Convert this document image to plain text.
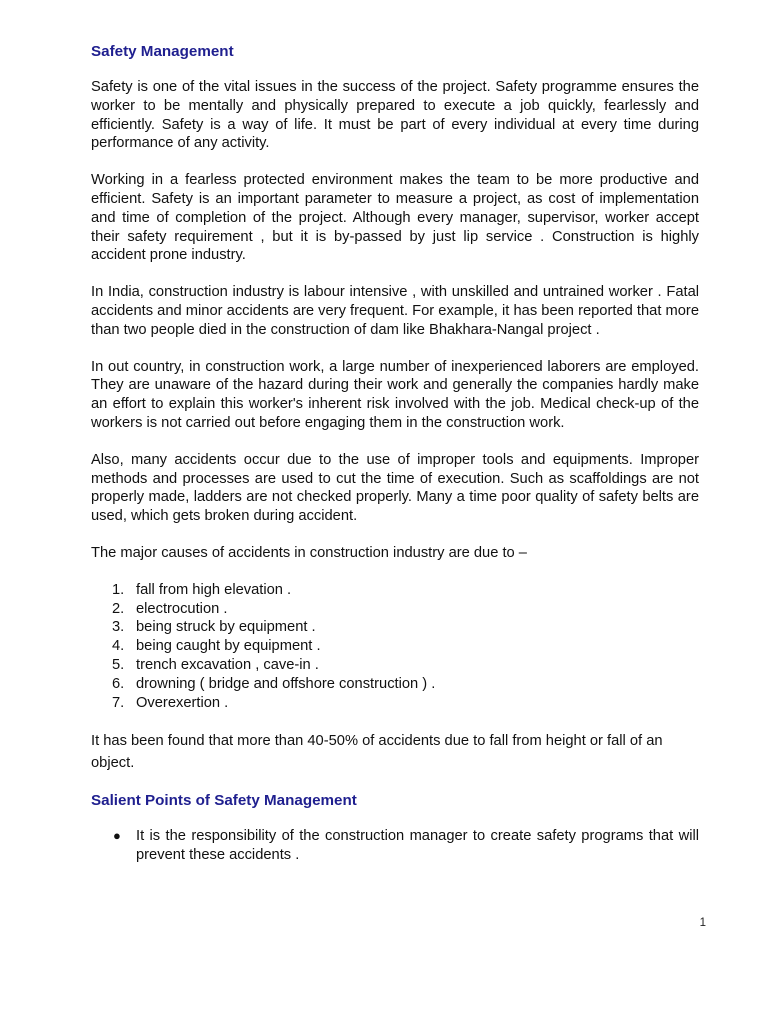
Safety Management

Safety is one of the vital issues in the success of the project. Safety programme ensures the worker to be mentally and physically prepared to execute a job quickly, fearlessly and efficiently. Safety is a way of life. It must be part of every individual at every time during performance of any activity.

Working in a fearless protected environment makes the team to be more productive and efficient. Safety is an important parameter to measure a project, as cost of implementation and time of completion of the project. Although every manager, supervisor, worker accept their safety requirement , but it is by-passed by just lip service . Construction is highly accident prone industry.

In India, construction industry is labour intensive , with unskilled and untrained worker . Fatal accidents and minor accidents are very frequent. For example, it has been reported that more than two people died in the construction of dam like Bhakhara-Nangal project .

In out country, in construction work, a large number of inexperienced laborers are employed. They are unaware of the hazard during their work and generally the companies hardly make an effort to explain this worker's inherent risk involved with the job. Medical check-up of the workers is not carried out before engaging them in the construction work.

Also, many accidents occur due to the use of improper tools and equipments. Improper methods and processes are used to cut the time of execution. Such as scaffoldings are not properly made, ladders are not checked properly. Many a time poor quality of safety belts are used, which gets broken during accident.

The major causes of accidents in construction industry are due to –

1. fall from high elevation .
2. electrocution .
3. being struck by equipment .
4. being caught by equipment .
5. trench excavation , cave-in .
6. drowning ( bridge and offshore construction ) .
7. Overexertion .

It has been found that more than 40-50% of accidents due to fall from height or fall of an object.

Salient Points of Safety Management
● It is the responsibility of the construction manager to create safety programs that will prevent these accidents .
1
